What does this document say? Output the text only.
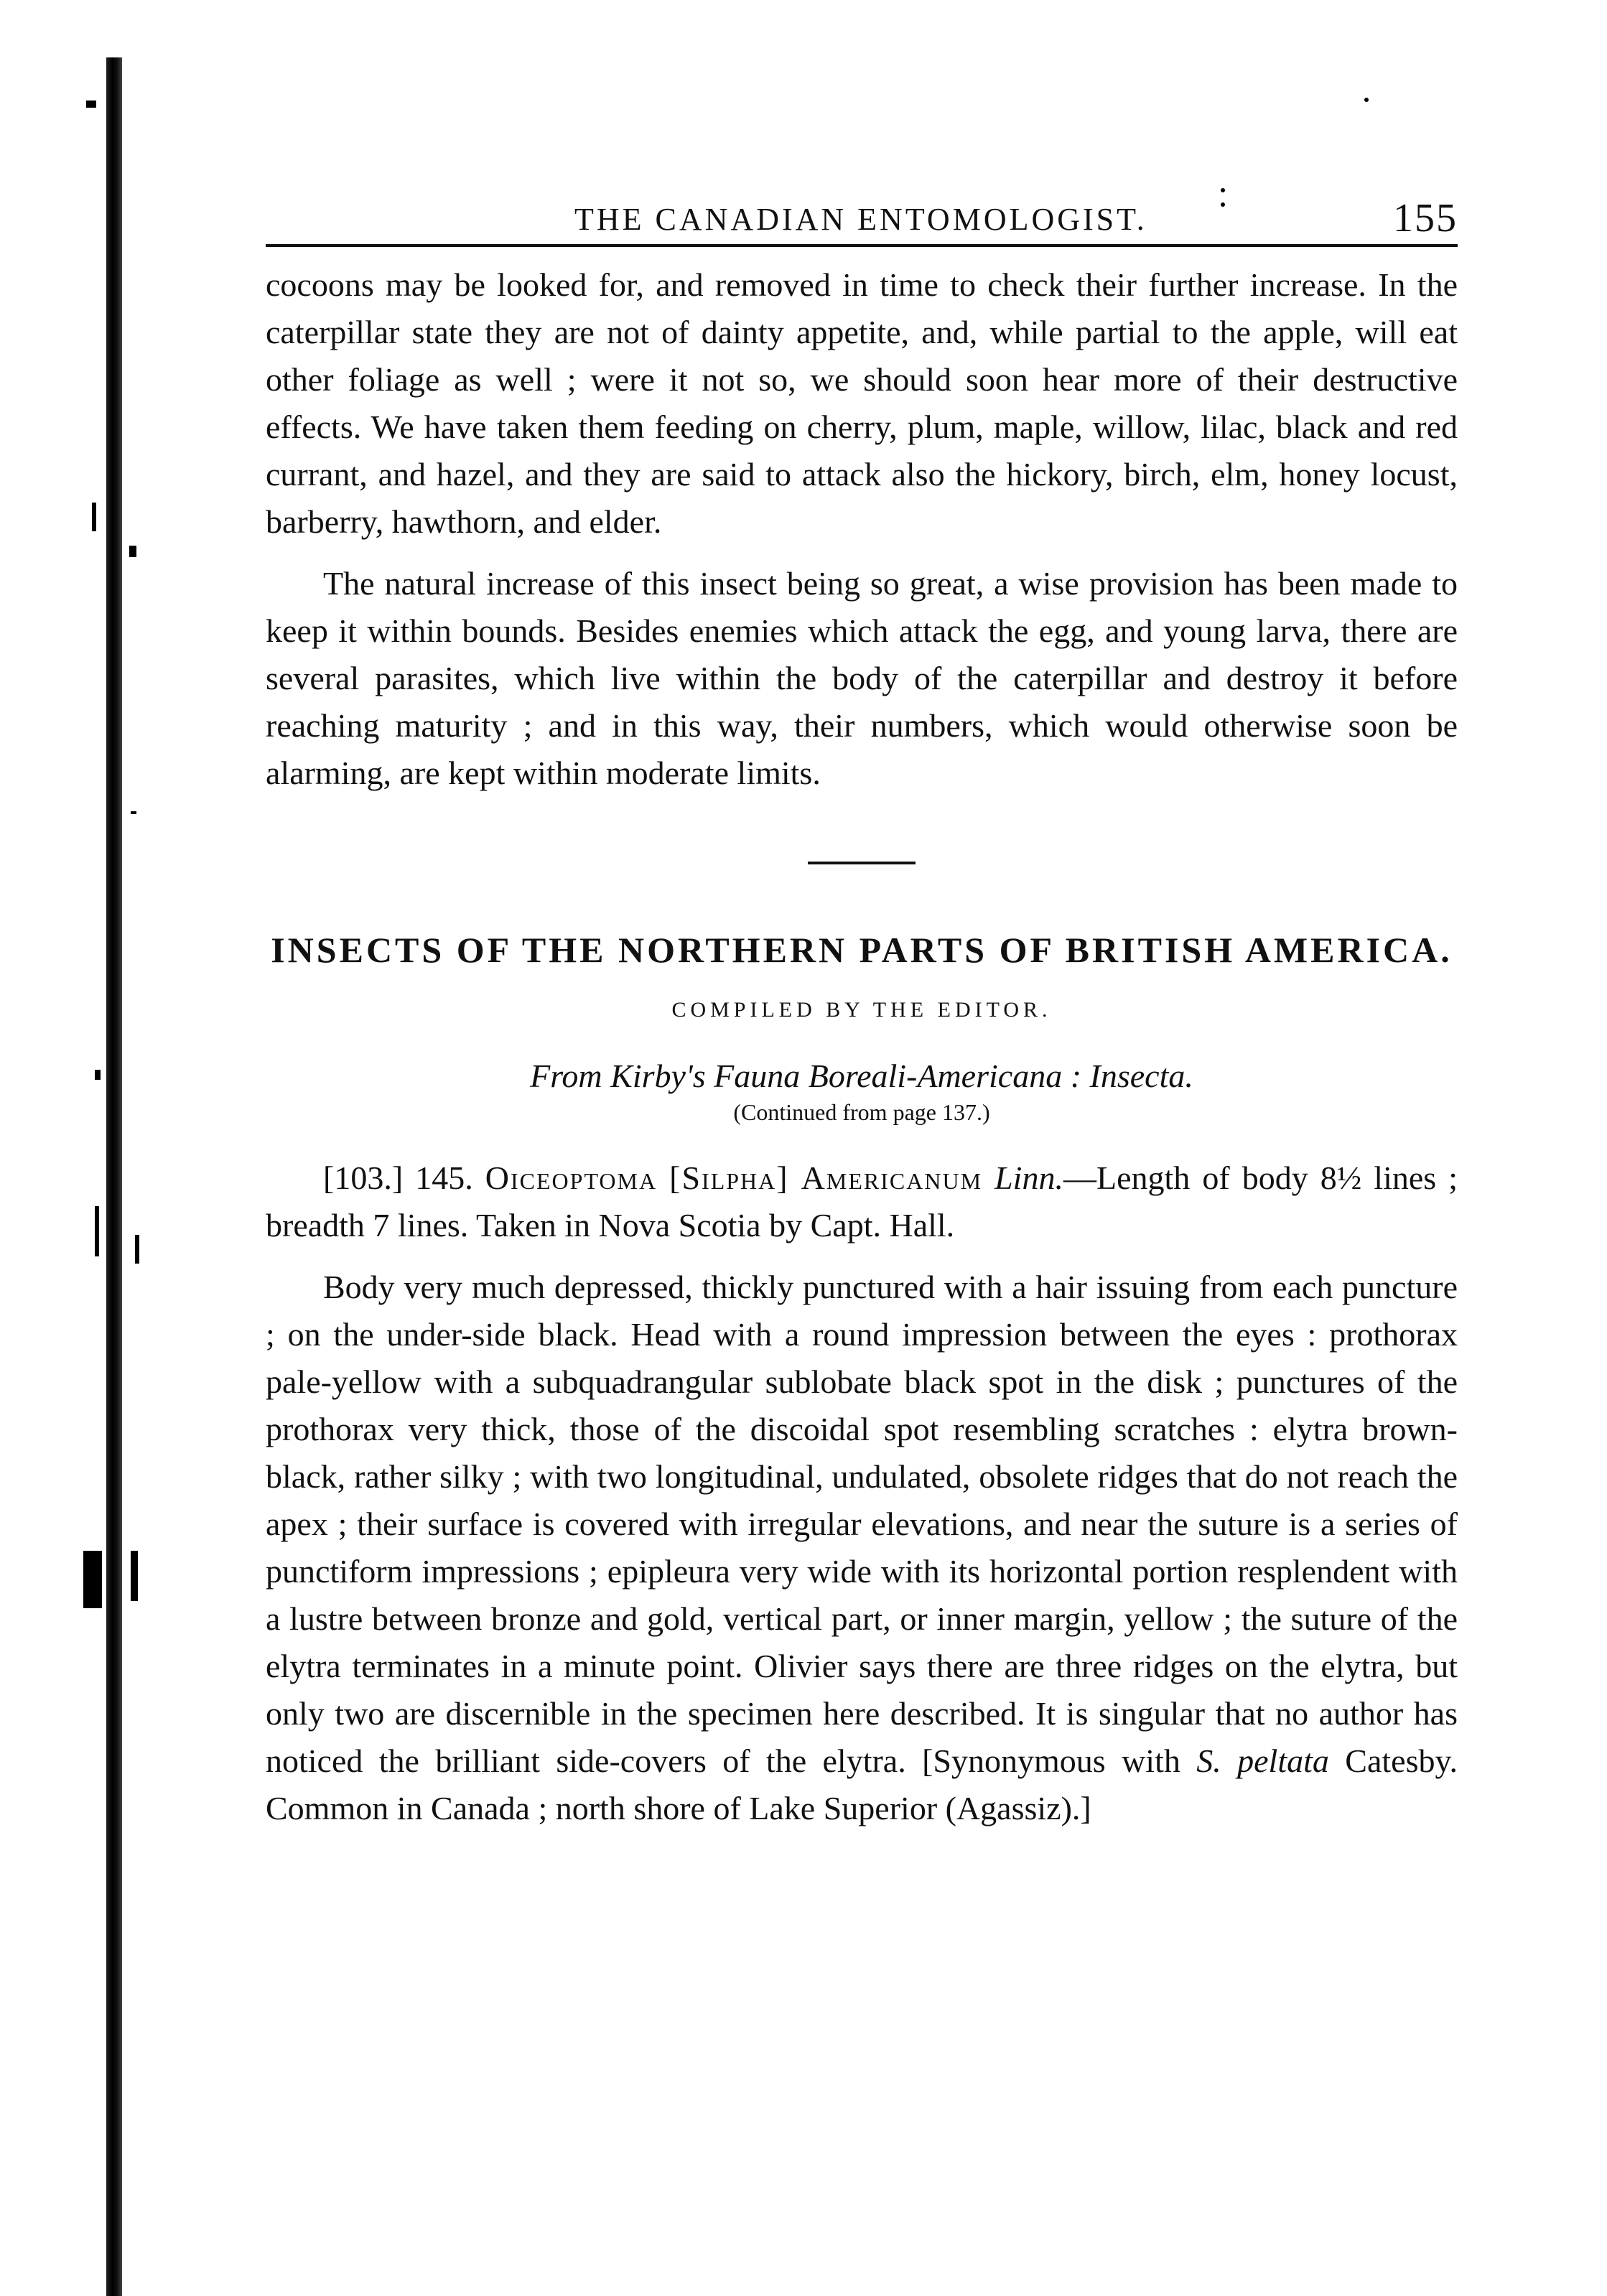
THE CANADIAN ENTOMOLOGIST.	155

cocoons may be looked for, and removed in time to check their further increase. In the caterpillar state they are not of dainty appetite, and, while partial to the apple, will eat other foliage as well ; were it not so, we should soon hear more of their destructive effects. We have taken them feeding on cherry, plum, maple, willow, lilac, black and red currant, and hazel, and they are said to attack also the hickory, birch, elm, honey locust, barberry, hawthorn, and elder.

The natural increase of this insect being so great, a wise provision has been made to keep it within bounds. Besides enemies which attack the egg, and young larva, there are several parasites, which live within the body of the caterpillar and destroy it before reaching maturity ; and in this way, their numbers, which would otherwise soon be alarming, are kept within moderate limits.

INSECTS OF THE NORTHERN PARTS OF BRITISH AMERICA.

COMPILED BY THE EDITOR.

From Kirby's Fauna Boreali-Americana : Insecta.

(Continued from page 137.)

[103.] 145. Oiceoptoma [Silpha] Americanum Linn.—Length of body 8½ lines ; breadth 7 lines. Taken in Nova Scotia by Capt. Hall.

Body very much depressed, thickly punctured with a hair issuing from each puncture ; on the under-side black. Head with a round impression between the eyes : prothorax pale-yellow with a subquadrangular sublobate black spot in the disk ; punctures of the prothorax very thick, those of the discoidal spot resembling scratches : elytra brown-black, rather silky ; with two longitudinal, undulated, obsolete ridges that do not reach the apex ; their surface is covered with irregular elevations, and near the suture is a series of punctiform impressions ; epipleura very wide with its horizontal portion resplendent with a lustre between bronze and gold, vertical part, or inner margin, yellow ; the suture of the elytra terminates in a minute point. Olivier says there are three ridges on the elytra, but only two are discernible in the specimen here described. It is singular that no author has noticed the brilliant side-covers of the elytra. [Synonymous with S. peltata Catesby. Common in Canada ; north shore of Lake Superior (Agassiz).]
